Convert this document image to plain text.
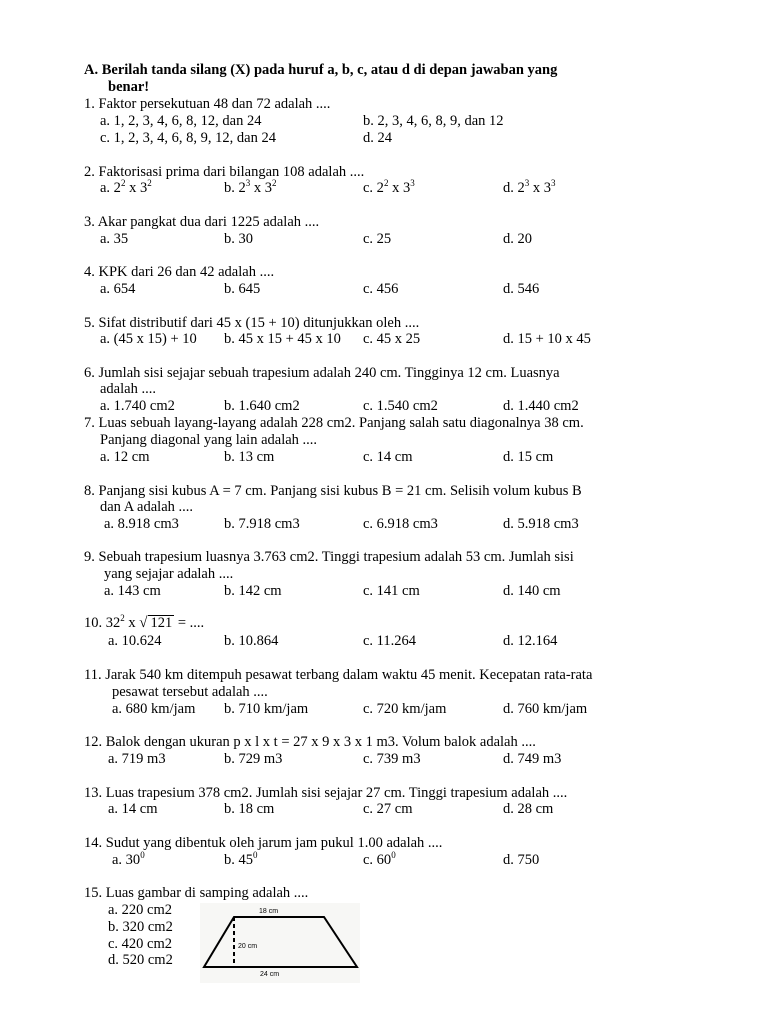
A. Berilah tanda silang (X) pada huruf a, b, c, atau d di depan jawaban yang
benar!
1. Faktor persekutuan 48 dan 72 adalah ....
a. 1, 2, 3, 4, 6, 8, 12, dan 24	b. 2, 3, 4, 6, 8, 9, dan 12
c. 1, 2, 3, 4, 6, 8, 9, 12, dan 24	d. 24
2. Faktorisasi prima dari bilangan 108 adalah ....
a. $2^2$ x $3^2$	b. $2^3$ x $3^2$	c. $2^2$ x $3^3$	d. $2^3$ x $3^3$
3. Akar pangkat dua dari 1225 adalah ....
a. 35	b. 30	c. 25	d. 20
4. KPK dari 26 dan 42 adalah ....
a. 654	b. 645	c. 456	d. 546
5. Sifat distributif dari 45 x (15 + 10) ditunjukkan oleh ....
a. (45 x 15) + 10 b. 45 x 15 + 45 x 10 c. 45 x 25	d. 15 + 10 x 45
6. Jumlah sisi sejajar sebuah trapesium adalah 240 cm. Tingginya 12 cm. Luasnya
adalah ....
a. 1.740 cm2	b. 1.640 cm2	c. 1.540 cm2	d. 1.440 cm2
7. Luas sebuah layang-layang adalah 228 cm2. Panjang salah satu diagonalnya 38 cm.
Panjang diagonal yang lain adalah ....
a. 12 cm	b. 13 cm	c. 14 cm	d. 15 cm
8. Panjang sisi kubus A = 7 cm. Panjang sisi kubus B = 21 cm. Selisih volum kubus B
dan A adalah ....
a. 8.918 cm3	b. 7.918 cm3	c. 6.918 cm3	d. 5.918 cm3
9. Sebuah trapesium luasnya 3.763 cm2. Tinggi trapesium adalah 53 cm. Jumlah sisi
yang sejajar adalah ....
a. 143 cm	b. 142 cm	c. 141 cm	d. 140 cm
10. $32^2$ x √ 121 = ....
a. 10.624	b. 10.864	c. 11.264	d. 12.164
11. Jarak 540 km ditempuh pesawat terbang dalam waktu 45 menit. Kecepatan rata-rata
pesawat tersebut adalah ....
a. 680 km/jam b. 710 km/jam	c. 720 km/jam	d. 760 km/jam
12. Balok dengan ukuran p x l x t = 27 x 9 x 3 x 1 m3. Volum balok adalah ....
a. 719 m3	b. 729 m3	c. 739 m3	d. 749 m3
13. Luas trapesium 378 cm2. Jumlah sisi sejajar 27 cm. Tinggi trapesium adalah ....
a. 14 cm	b. 18 cm	c. 27 cm	d. 28 cm
14. Sudut yang dibentuk oleh jarum jam pukul 1.00 adalah ....
a. $30^0$	b. $45^0$	c. $60^0$	d. 750
15. Luas gambar di samping adalah ....
a. 220 cm2
b. 320 cm2
c. 420 cm2
d. 520 cm2
18 cm
20 cm
24 cm
